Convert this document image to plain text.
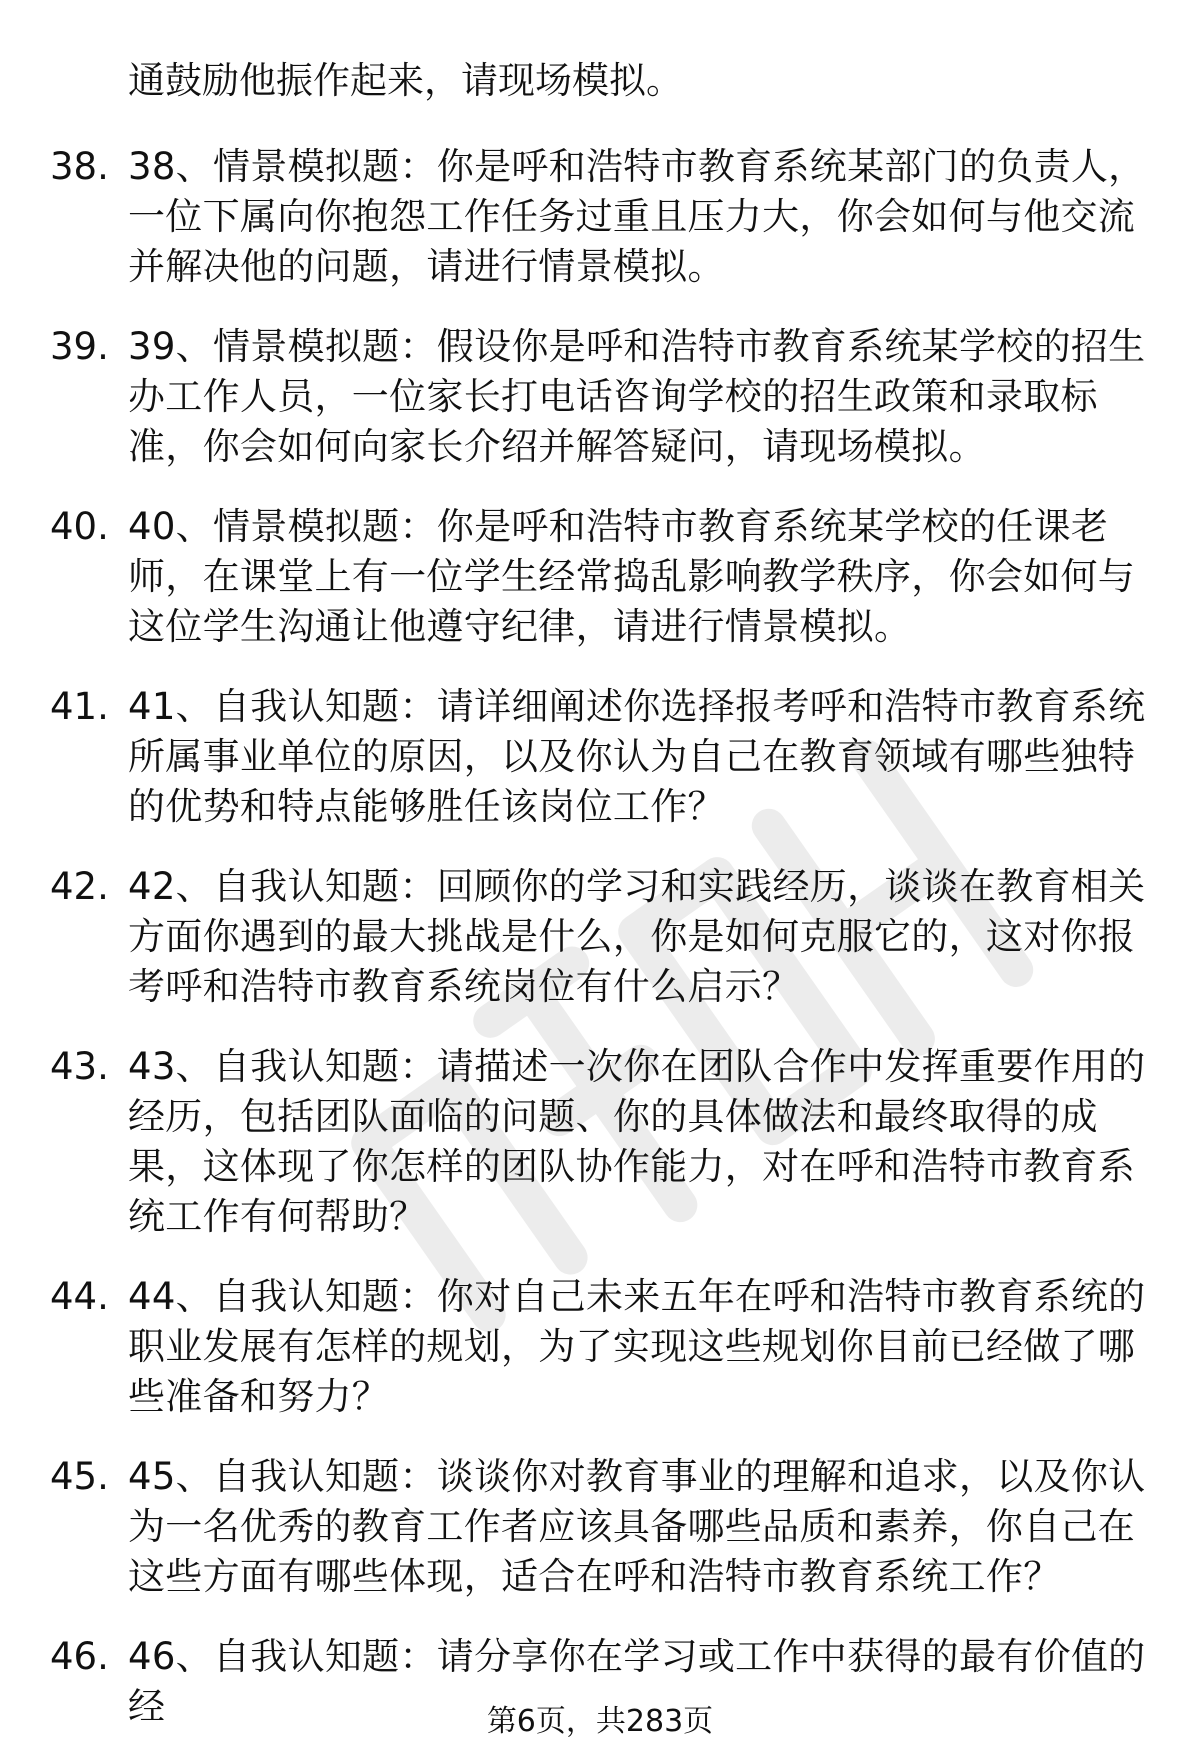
通鼓励他振作起来，请现场模拟。
38. 38、情景模拟题：你是呼和浩特市教育系统某部门的负责人，一位下属向你抱怨工作任务过重且压力大，你会如何与他交流并解决他的问题，请进行情景模拟。
39. 39、情景模拟题：假设你是呼和浩特市教育系统某学校的招生办工作人员，一位家长打电话咨询学校的招生政策和录取标准，你会如何向家长介绍并解答疑问，请现场模拟。
40. 40、情景模拟题：你是呼和浩特市教育系统某学校的任课老师，在课堂上有一位学生经常捣乱影响教学秩序，你会如何与这位学生沟通让他遵守纪律，请进行情景模拟。
41. 41、自我认知题：请详细阐述你选择报考呼和浩特市教育系统所属事业单位的原因，以及你认为自己在教育领域有哪些独特的优势和特点能够胜任该岗位工作？
42. 42、自我认知题：回顾你的学习和实践经历，谈谈在教育相关方面你遇到的最大挑战是什么，你是如何克服它的，这对你报考呼和浩特市教育系统岗位有什么启示？
43. 43、自我认知题：请描述一次你在团队合作中发挥重要作用的经历，包括团队面临的问题、你的具体做法和最终取得的成果，这体现了你怎样的团队协作能力，对在呼和浩特市教育系统工作有何帮助？
44. 44、自我认知题：你对自己未来五年在呼和浩特市教育系统的职业发展有怎样的规划，为了实现这些规划你目前已经做了哪些准备和努力？
45. 45、自我认知题：谈谈你对教育事业的理解和追求，以及你认为一名优秀的教育工作者应该具备哪些品质和素养，你自己在这些方面有哪些体现，适合在呼和浩特市教育系统工作？
46. 46、自我认知题：请分享你在学习或工作中获得的最有价值的经	第6页，共283页
